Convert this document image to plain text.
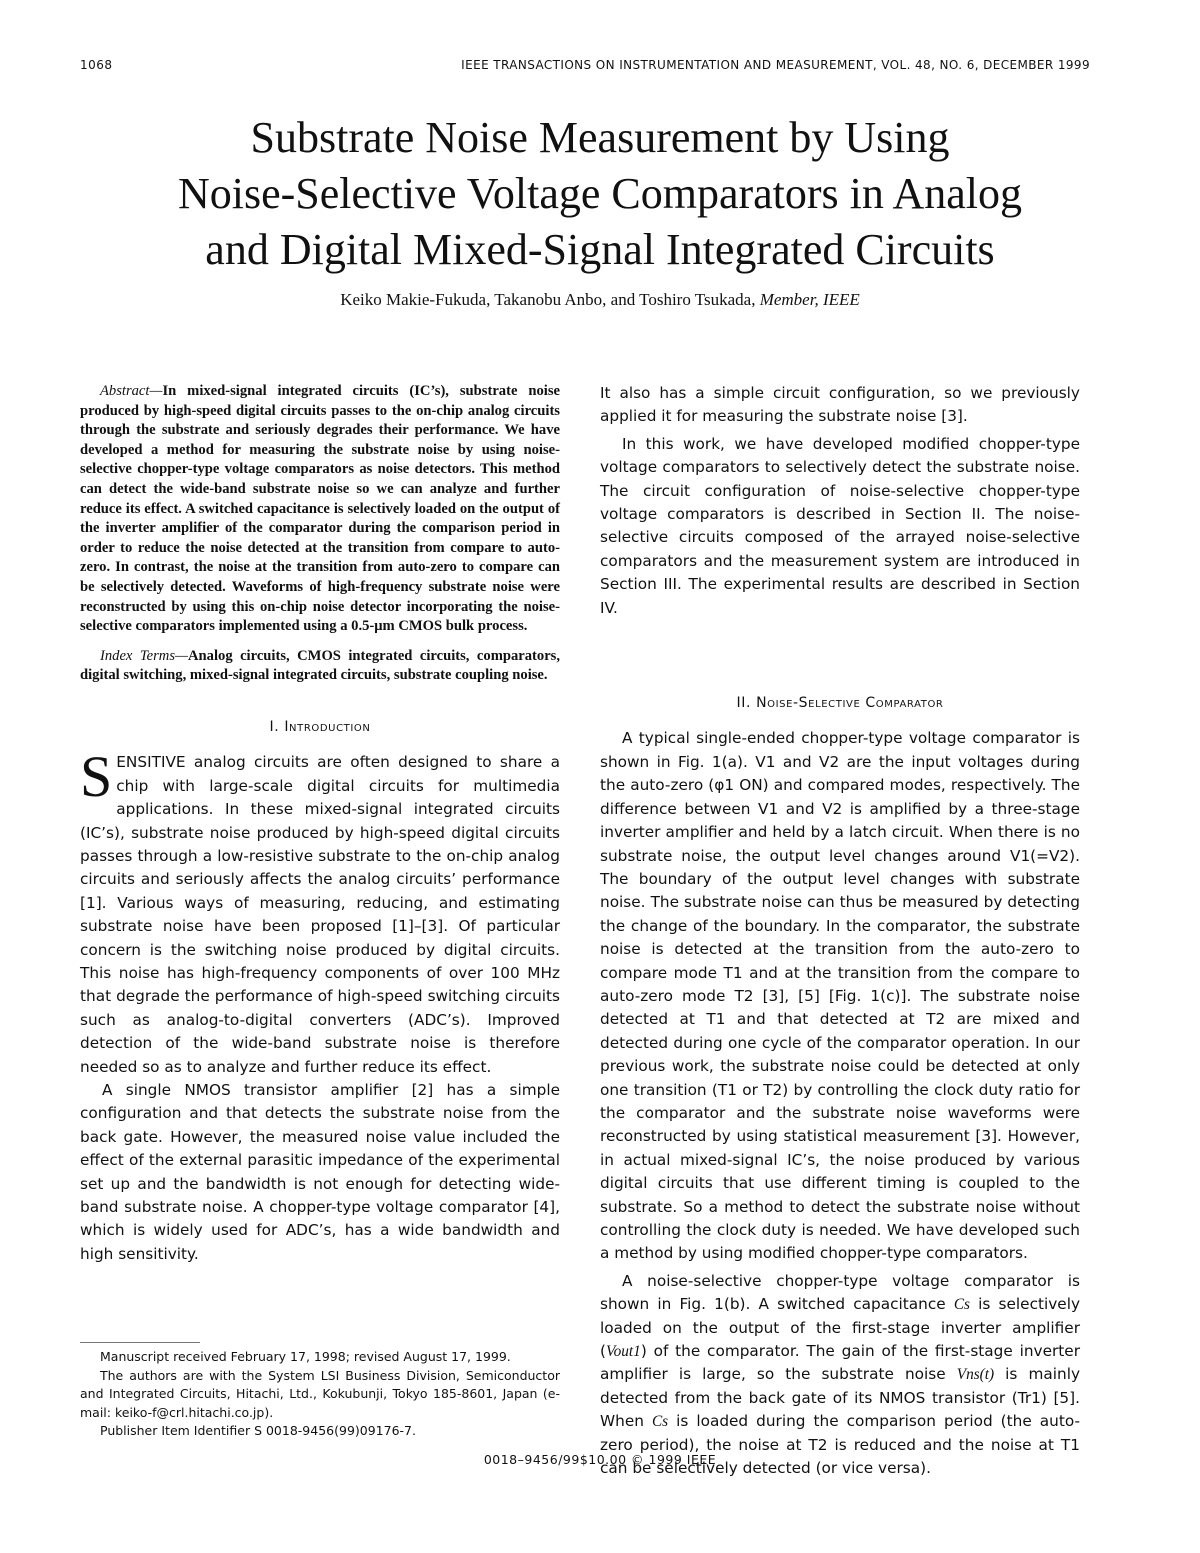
1068	IEEE TRANSACTIONS ON INSTRUMENTATION AND MEASUREMENT, VOL. 48, NO. 6, DECEMBER 1999
Substrate Noise Measurement by Using
Noise-Selective Voltage Comparators in Analog
and Digital Mixed-Signal Integrated Circuits
Keiko Makie-Fukuda, Takanobu Anbo, and Toshiro Tsukada, Member, IEEE

Abstract—In mixed-signal integrated circuits (IC’s), substrate noise produced by high-speed digital circuits passes to the on-chip analog circuits through the substrate and seriously degrades their performance. We have developed a method for measuring the substrate noise by using noise-selective chopper-type voltage comparators as noise detectors. This method can detect the wide-band substrate noise so we can analyze and further reduce its effect. A switched capacitance is selectively loaded on the output of the inverter amplifier of the comparator during the comparison period in order to reduce the noise detected at the transition from compare to auto-zero. In contrast, the noise at the transition from auto-zero to compare can be selectively detected. Waveforms of high-frequency substrate noise were reconstructed by using this on-chip noise detector incorporating the noise-selective comparators implemented using a 0.5-μm CMOS bulk process.

Index Terms—Analog circuits, CMOS integrated circuits, comparators, digital switching, mixed-signal integrated circuits, substrate coupling noise.

I. Introduction

SENSITIVE analog circuits are often designed to share a chip with large-scale digital circuits for multimedia applications. In these mixed-signal integrated circuits (IC’s), substrate noise produced by high-speed digital circuits passes through a low-resistive substrate to the on-chip analog circuits and seriously affects the analog circuits’ performance [1]. Various ways of measuring, reducing, and estimating substrate noise have been proposed [1]–[3]. Of particular concern is the switching noise produced by digital circuits. This noise has high-frequency components of over 100 MHz that degrade the performance of high-speed switching circuits such as analog-to-digital converters (ADC’s). Improved detection of the wide-band substrate noise is therefore needed so as to analyze and further reduce its effect.

A single NMOS transistor amplifier [2] has a simple configuration and that detects the substrate noise from the back gate. However, the measured noise value included the effect of the external parasitic impedance of the experimental set up and the bandwidth is not enough for detecting wide-band substrate noise. A chopper-type voltage comparator [4], which is widely used for ADC’s, has a wide bandwidth and high sensitivity.

Manuscript received February 17, 1998; revised August 17, 1999.

The authors are with the System LSI Business Division, Semiconductor and Integrated Circuits, Hitachi, Ltd., Kokubunji, Tokyo 185-8601, Japan (e-mail: keiko-f@crl.hitachi.co.jp).

Publisher Item Identifier S 0018-9456(99)09176-7.

It also has a simple circuit configuration, so we previously applied it for measuring the substrate noise [3].

In this work, we have developed modified chopper-type voltage comparators to selectively detect the substrate noise. The circuit configuration of noise-selective chopper-type voltage comparators is described in Section II. The noise-selective circuits composed of the arrayed noise-selective comparators and the measurement system are introduced in Section III. The experimental results are described in Section IV.

II. Noise-Selective Comparator

A typical single-ended chopper-type voltage comparator is shown in Fig. 1(a). V1 and V2 are the input voltages during the auto-zero (φ1 ON) and compared modes, respectively. The difference between V1 and V2 is amplified by a three-stage inverter amplifier and held by a latch circuit. When there is no substrate noise, the output level changes around V1(=V2). The boundary of the output level changes with substrate noise. The substrate noise can thus be measured by detecting the change of the boundary. In the comparator, the substrate noise is detected at the transition from the auto-zero to compare mode T1 and at the transition from the compare to auto-zero mode T2 [3], [5] [Fig. 1(c)]. The substrate noise detected at T1 and that detected at T2 are mixed and detected during one cycle of the comparator operation. In our previous work, the substrate noise could be detected at only one transition (T1 or T2) by controlling the clock duty ratio for the comparator and the substrate noise waveforms were reconstructed by using statistical measurement [3]. However, in actual mixed-signal IC’s, the noise produced by various digital circuits that use different timing is coupled to the substrate. So a method to detect the substrate noise without controlling the clock duty is needed. We have developed such a method by using modified chopper-type comparators.

A noise-selective chopper-type voltage comparator is shown in Fig. 1(b). A switched capacitance Cs is selectively loaded on the output of the first-stage inverter amplifier (Vout1) of the comparator. The gain of the first-stage inverter amplifier is large, so the substrate noise Vns(t) is mainly detected from the back gate of its NMOS transistor (Tr1) [5]. When Cs is loaded during the comparison period (the auto-zero period), the noise at T2 is reduced and the noise at T1 can be selectively detected (or vice versa).

0018–9456/99$10.00 © 1999 IEEE
